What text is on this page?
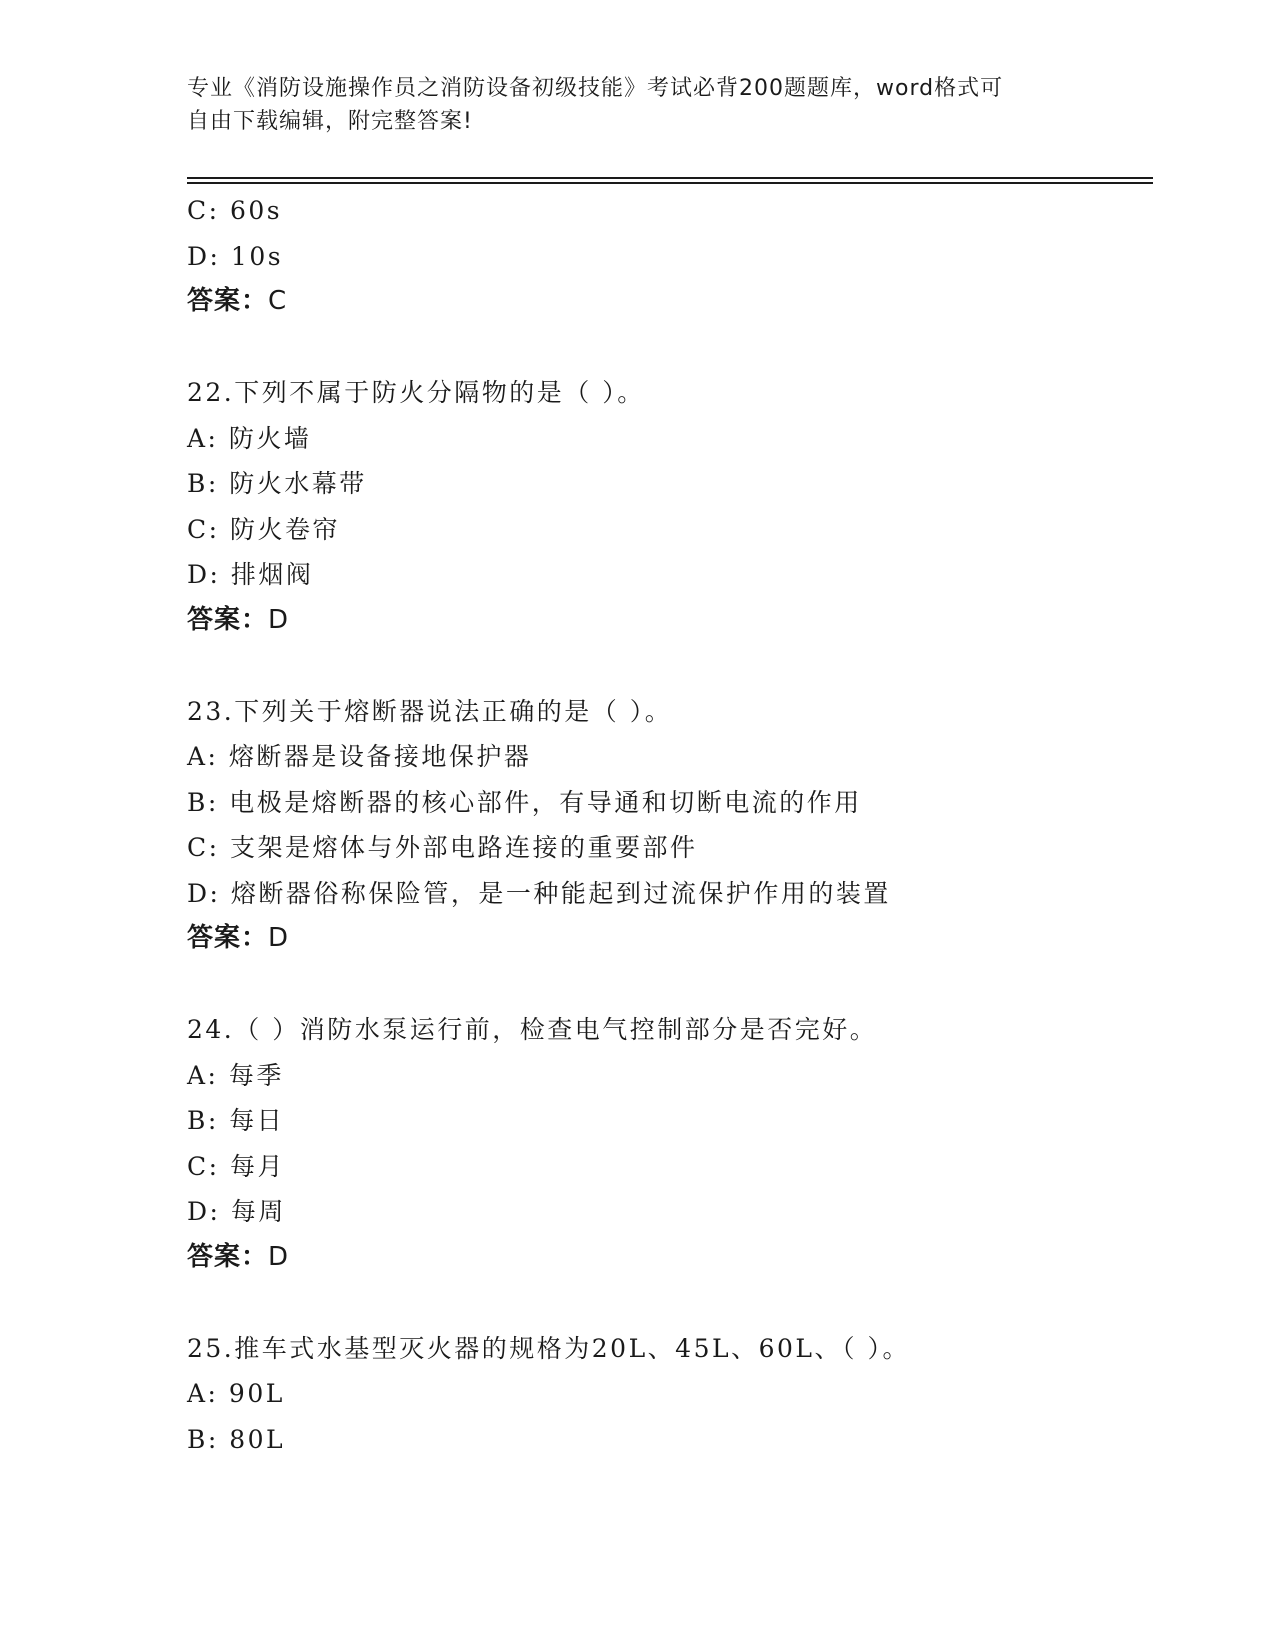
专业《消防设施操作员之消防设备初级技能》考试必背200题题库，word格式可
自由下载编辑，附完整答案!
C: 60s
D: 10s
答案：C
22.下列不属于防火分隔物的是（ ）。
A: 防火墙
B: 防火水幕带
C: 防火卷帘
D: 排烟阀
答案：D
23.下列关于熔断器说法正确的是（ ）。
A: 熔断器是设备接地保护器
B: 电极是熔断器的核心部件，有导通和切断电流的作用
C: 支架是熔体与外部电路连接的重要部件
D: 熔断器俗称保险管，是一种能起到过流保护作用的装置
答案：D
24.（ ）消防水泵运行前，检查电气控制部分是否完好。
A: 每季
B: 每日
C: 每月
D: 每周
答案：D
25.推车式水基型灭火器的规格为20L、45L、60L、（ ）。
A: 90L
B: 80L
